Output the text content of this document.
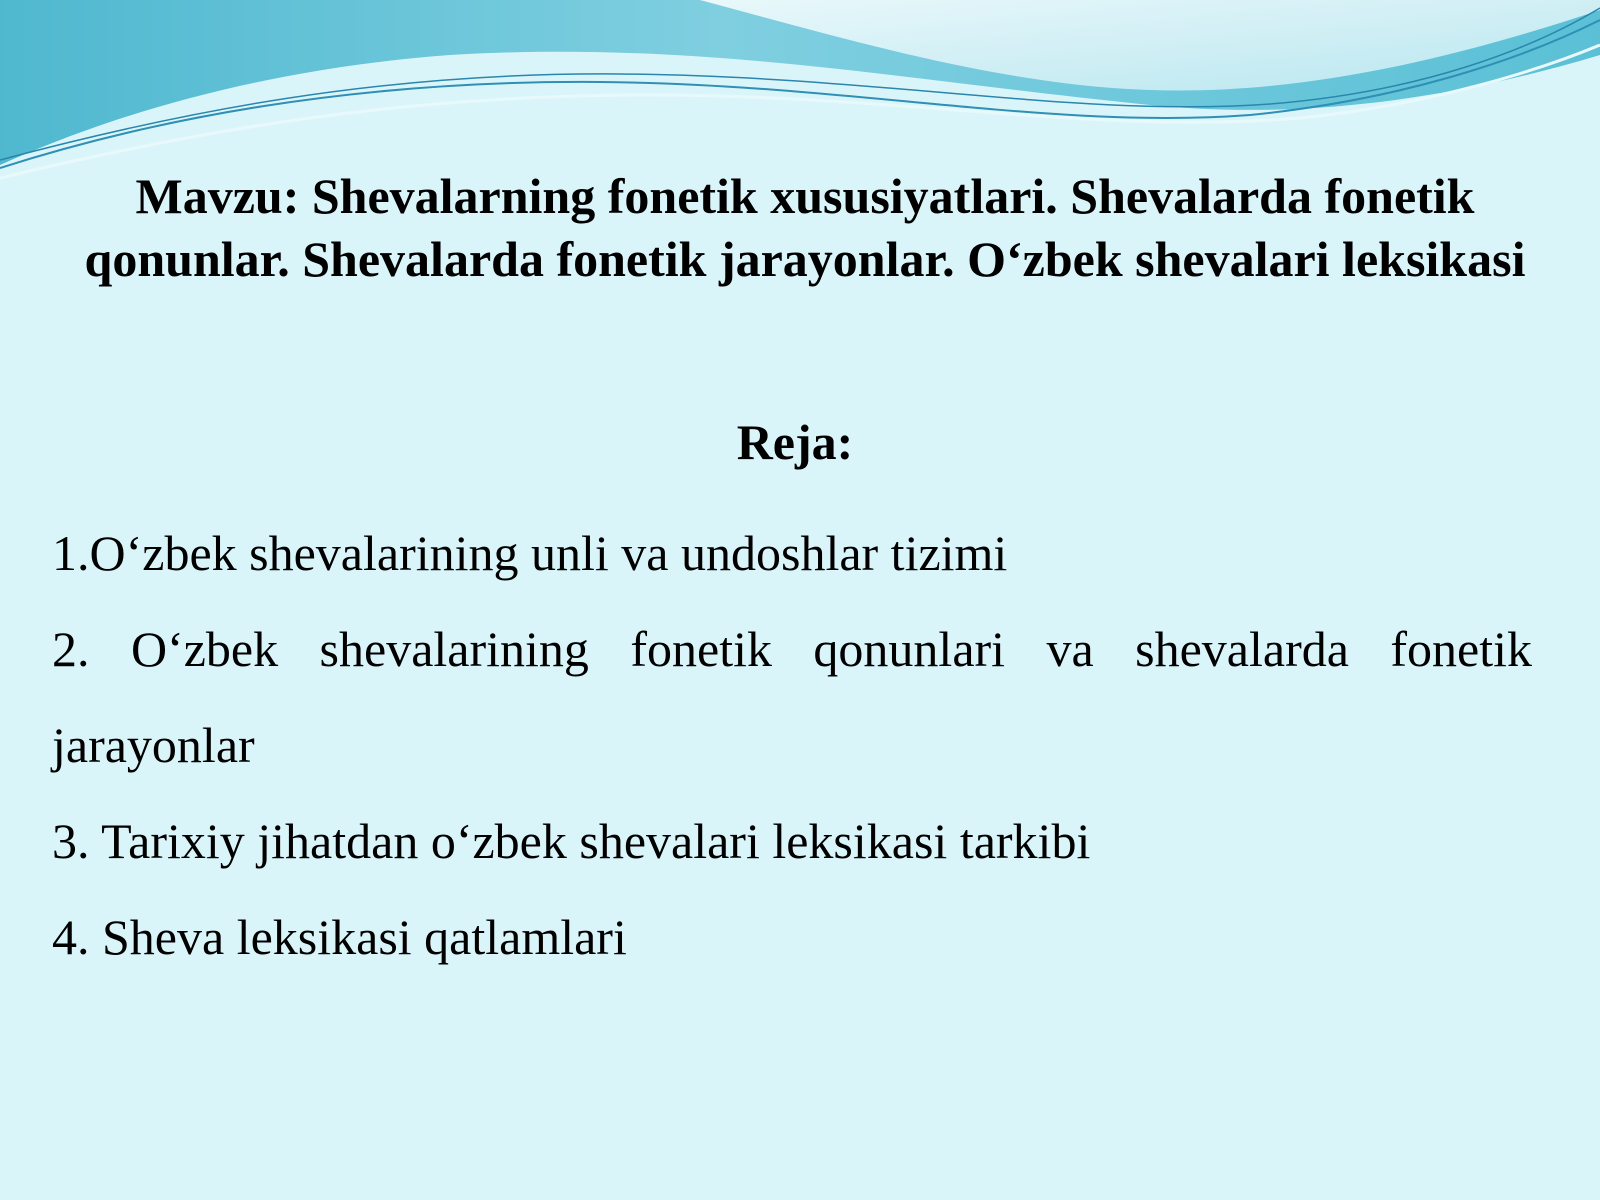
Mavzu: Shevalarning fonetik xususiyatlari. Shevalarda fonetik qonunlar. Shevalarda fonetik jarayonlar. O‘zbek shevalari leksikasi
Reja:
1.O‘zbek shevalarining unli va undoshlar tizimi
2. O‘zbek shevalarining fonetik qonunlari va shevalarda fonetik jarayonlar
3. Tarixiy jihatdan o‘zbek shevalari leksikasi tarkibi
4. Sheva leksikasi qatlamlari
